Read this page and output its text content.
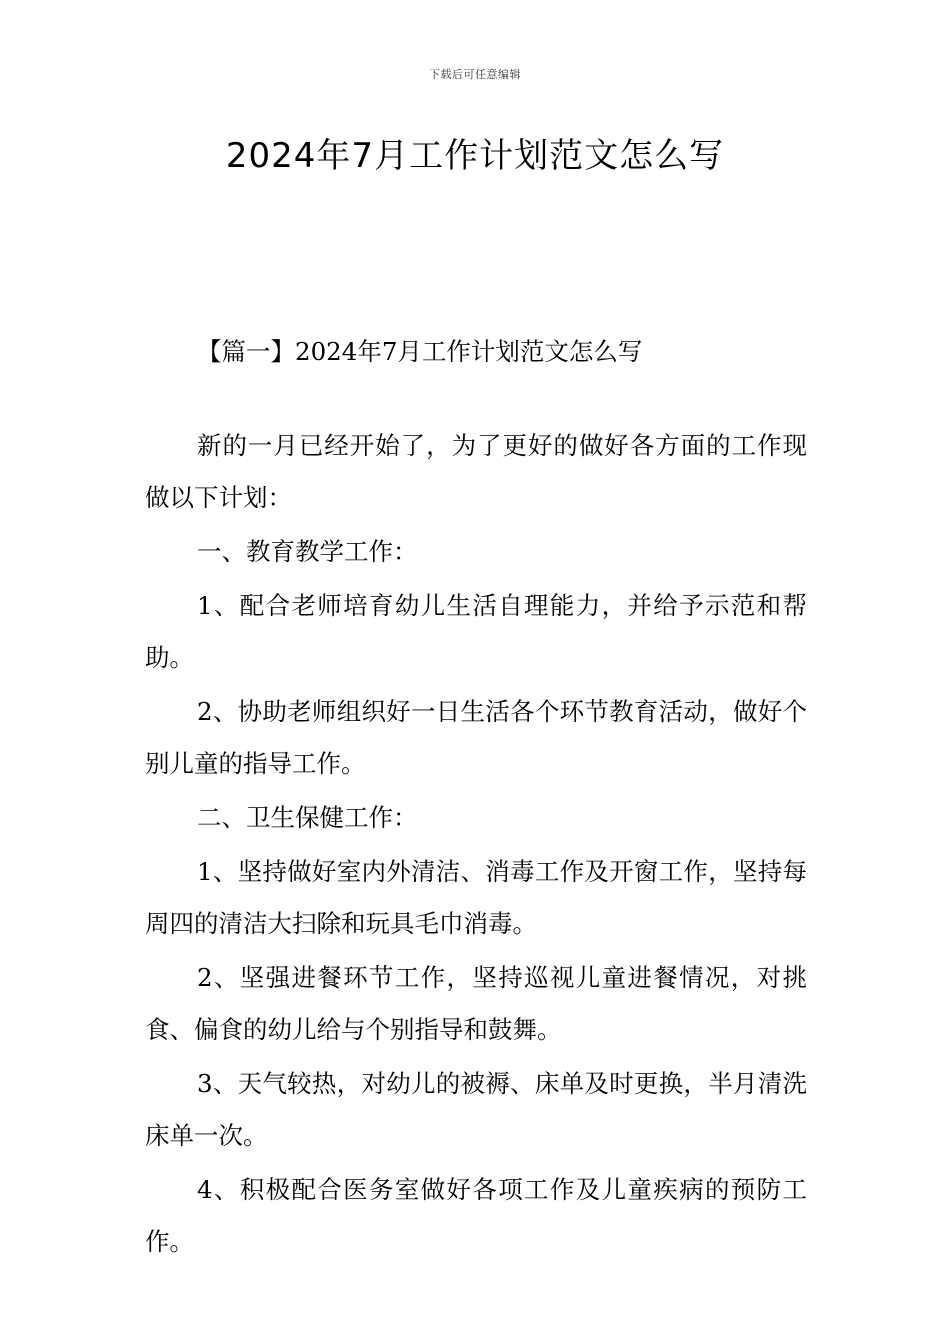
下载后可任意编辑
2024年7月工作计划范文怎么写

【篇一】2024年7月工作计划范文怎么写

新的一月已经开始了，为了更好的做好各方面的工作现做以下计划：

一、教育教学工作：

1、配合老师培育幼儿生活自理能力，并给予示范和帮助。

2、协助老师组织好一日生活各个环节教育活动，做好个别儿童的指导工作。

二、卫生保健工作：

1、坚持做好室内外清洁、消毒工作及开窗工作，坚持每周四的清洁大扫除和玩具毛巾消毒。

2、坚强进餐环节工作，坚持巡视儿童进餐情况，对挑食、偏食的幼儿给与个别指导和鼓舞。

3、天气较热，对幼儿的被褥、床单及时更换，半月清洗床单一次。

4、积极配合医务室做好各项工作及儿童疾病的预防工作。
